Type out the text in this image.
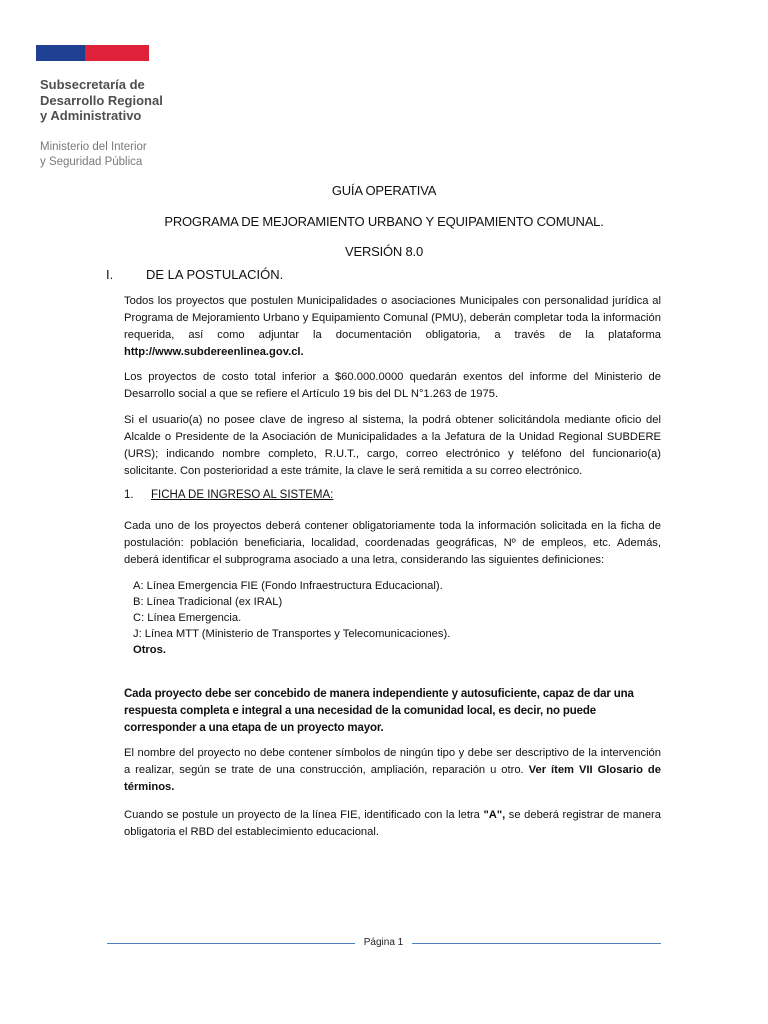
Subsecretaría de
Desarrollo Regional
y Administrativo
Ministerio del Interior
y Seguridad Pública
GUÍA OPERATIVA
PROGRAMA DE MEJORAMIENTO URBANO Y EQUIPAMIENTO COMUNAL.
VERSIÓN 8.0
I.	DE LA POSTULACIÓN.
Todos los proyectos que postulen Municipalidades o asociaciones Municipales con personalidad jurídica al Programa de Mejoramiento Urbano y Equipamiento Comunal (PMU), deberán completar toda la información requerida, así como adjuntar la documentación obligatoria, a través de la plataforma http://www.subdereenlinea.gov.cl.
Los proyectos de costo total inferior a $60.000.0000 quedarán exentos del informe del Ministerio de Desarrollo social a que se refiere el Artículo 19 bis del DL N°1.263 de 1975.
Si el usuario(a) no posee clave de ingreso al sistema, la podrá obtener solicitándola mediante oficio del Alcalde o Presidente de la Asociación de Municipalidades a la Jefatura de la Unidad Regional SUBDERE (URS); indicando nombre completo, R.U.T., cargo, correo electrónico y teléfono del funcionario(a) solicitante. Con posterioridad a este trámite, la clave le será remitida a su correo electrónico.
1. FICHA DE INGRESO AL SISTEMA:
Cada uno de los proyectos deberá contener obligatoriamente toda la información solicitada en la ficha de postulación: población beneficiaria, localidad, coordenadas geográficas, Nº de empleos, etc. Además, deberá identificar el subprograma asociado a una letra, considerando las siguientes definiciones:
A: Línea Emergencia FIE (Fondo Infraestructura Educacional).
B: Línea Tradicional (ex IRAL)
C: Línea Emergencia.
J: Línea MTT (Ministerio de Transportes y Telecomunicaciones).
Otros.
Cada proyecto debe ser concebido de manera independiente y autosuficiente, capaz de dar una respuesta completa e integral a una necesidad de la comunidad local, es decir, no puede corresponder a una etapa de un proyecto mayor.
El nombre del proyecto no debe contener símbolos de ningún tipo y debe ser descriptivo de la intervención a realizar, según se trate de una construcción, ampliación, reparación u otro. Ver ítem VII Glosario de términos.
Cuando se postule un proyecto de la línea FIE, identificado con la letra "A", se deberá registrar de manera obligatoria el RBD del establecimiento educacional.
Página 1
